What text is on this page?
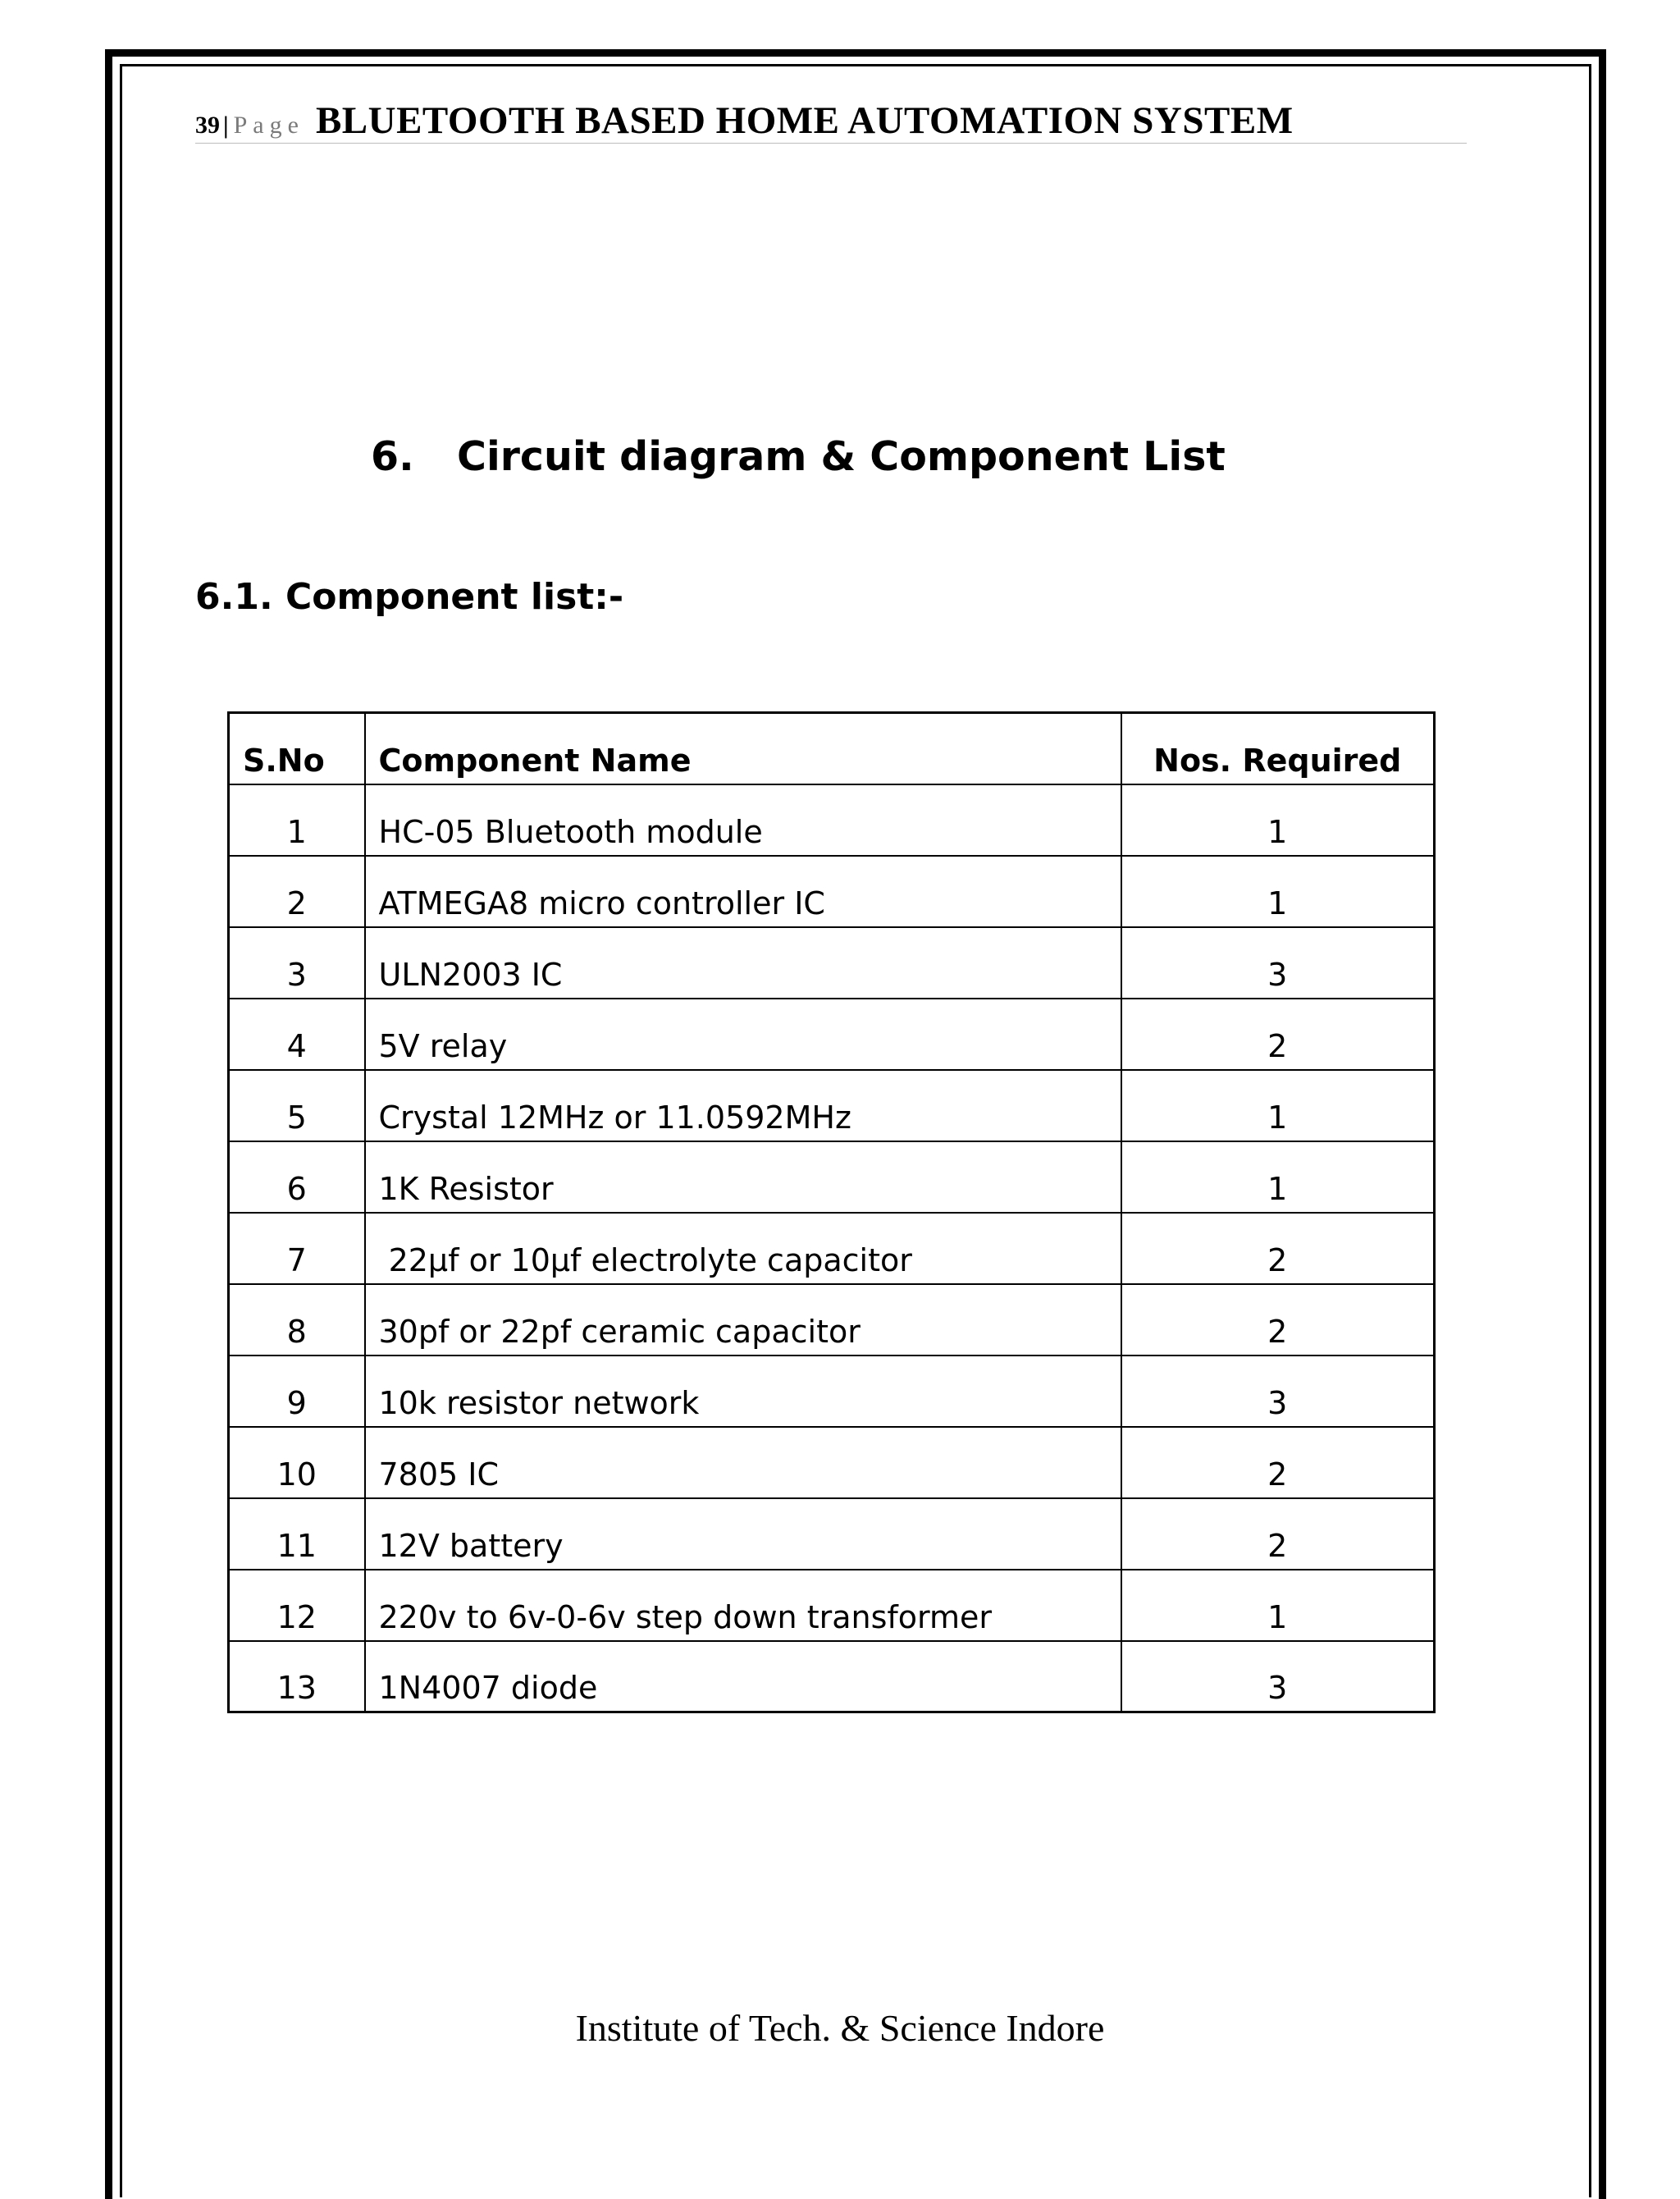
39 | Page BLUETOOTH BASED HOME AUTOMATION SYSTEM
6. Circuit diagram & Component List
6.1. Component list:-
S.No	Component Name	Nos. Required
1	HC-05 Bluetooth module	1
2	ATMEGA8 micro controller IC	1
3	ULN2003 IC	3
4	5V relay	2
5	Crystal 12MHz or 11.0592MHz	1
6	1K Resistor	1
7	22µf or 10µf electrolyte capacitor	2
8	30pf or 22pf ceramic capacitor	2
9	10k resistor network	3
10	7805 IC	2
11	12V battery	2
12	220v to 6v-0-6v step down transformer	1
13	1N4007 diode	3
Institute of Tech. & Science Indore
